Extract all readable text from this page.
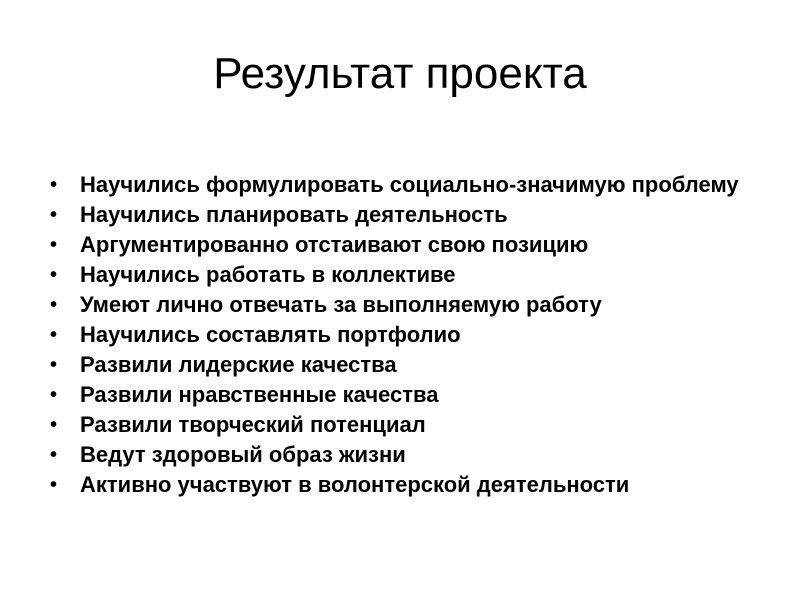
Результат проекта
•	Научились формулировать социально-значимую проблему
•	Научились планировать деятельность
•	Аргументированно отстаивают свою позицию
•	Научились работать в коллективе
•	Умеют лично отвечать за выполняемую работу
•	Научились составлять портфолио
•	Развили лидерские качества
•	Развили нравственные качества
•	Развили творческий потенциал
•	Ведут здоровый образ жизни
•	Активно участвуют в волонтерской деятельности
